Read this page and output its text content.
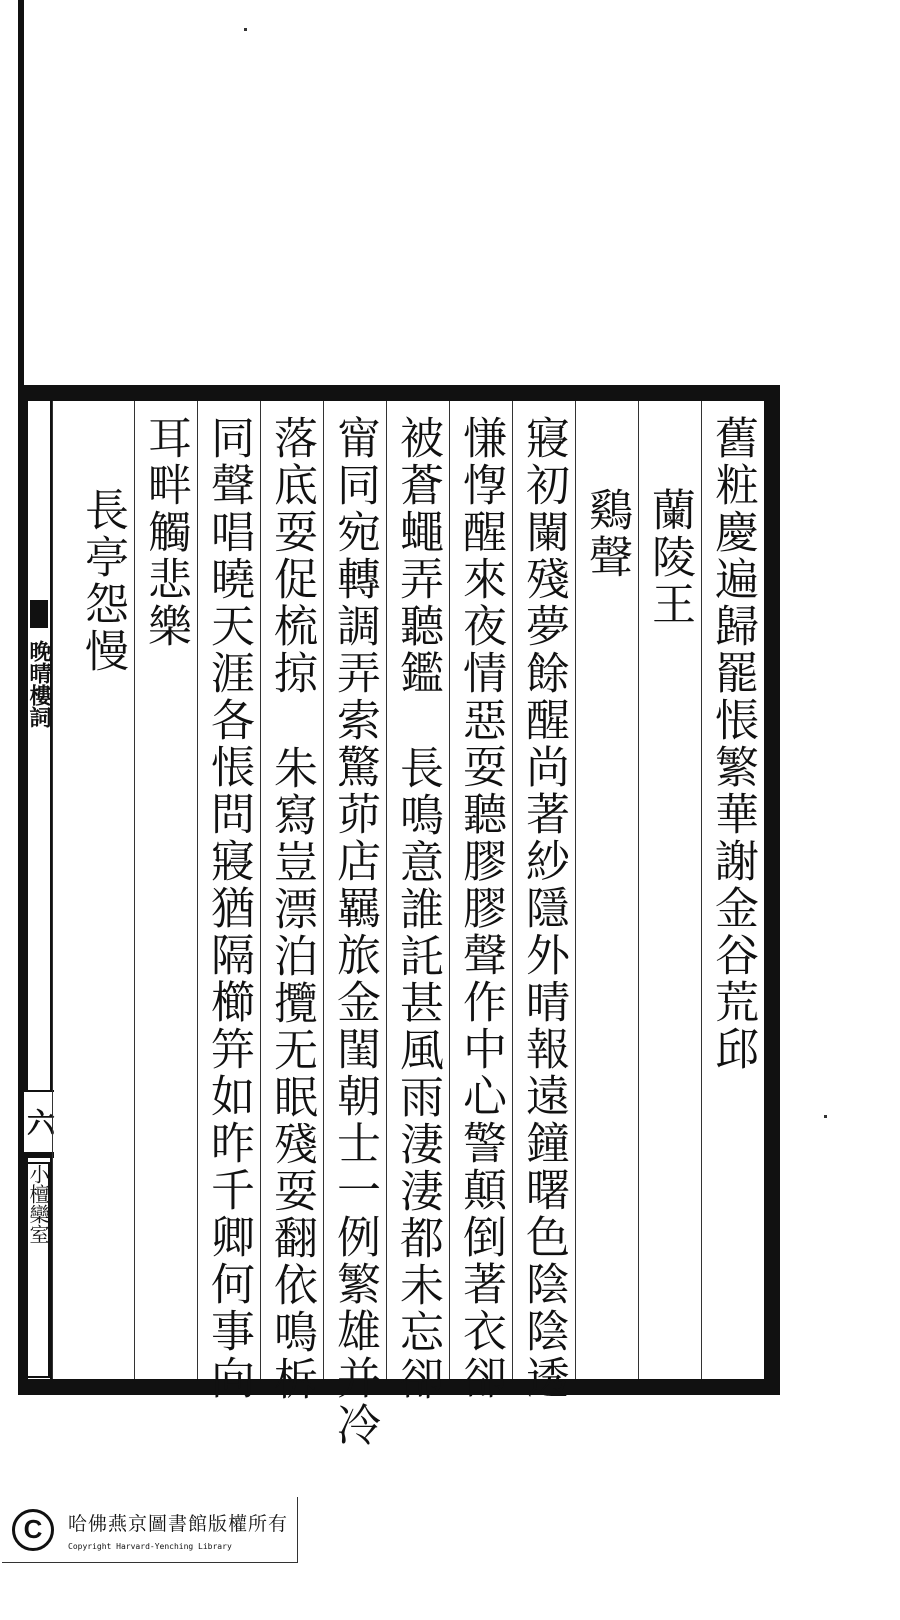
晚晴樓詞
六
小檀欒室
舊粧慶遍歸罷悵繁華謝金谷荒邱
蘭陵王
鷄聲
寢初闌殘夢餘醒尚著紗隱外晴報遠鐘曙色陰陰透
慊惸醒來夜情惡耍聽膠膠聲作中心警顛倒著衣卻
被蒼蠅弄聽鑑長鳴意誰託甚風雨淒淒都未忘卻
甯同宛轉調弄索驚茆店羈旅金閨朝士一例繁雄并冷
落底耍促梳掠朱寫豈漂泊攬无眠殘耍翻依鳴柝
同聲唱曉天涯各悵問寢猶隔櫛笄如昨千卿何事向
耳畔觸悲樂
長亭怨慢
C	哈佛燕京圖書館版權所有
Copyright Harvard-Yenching Library
